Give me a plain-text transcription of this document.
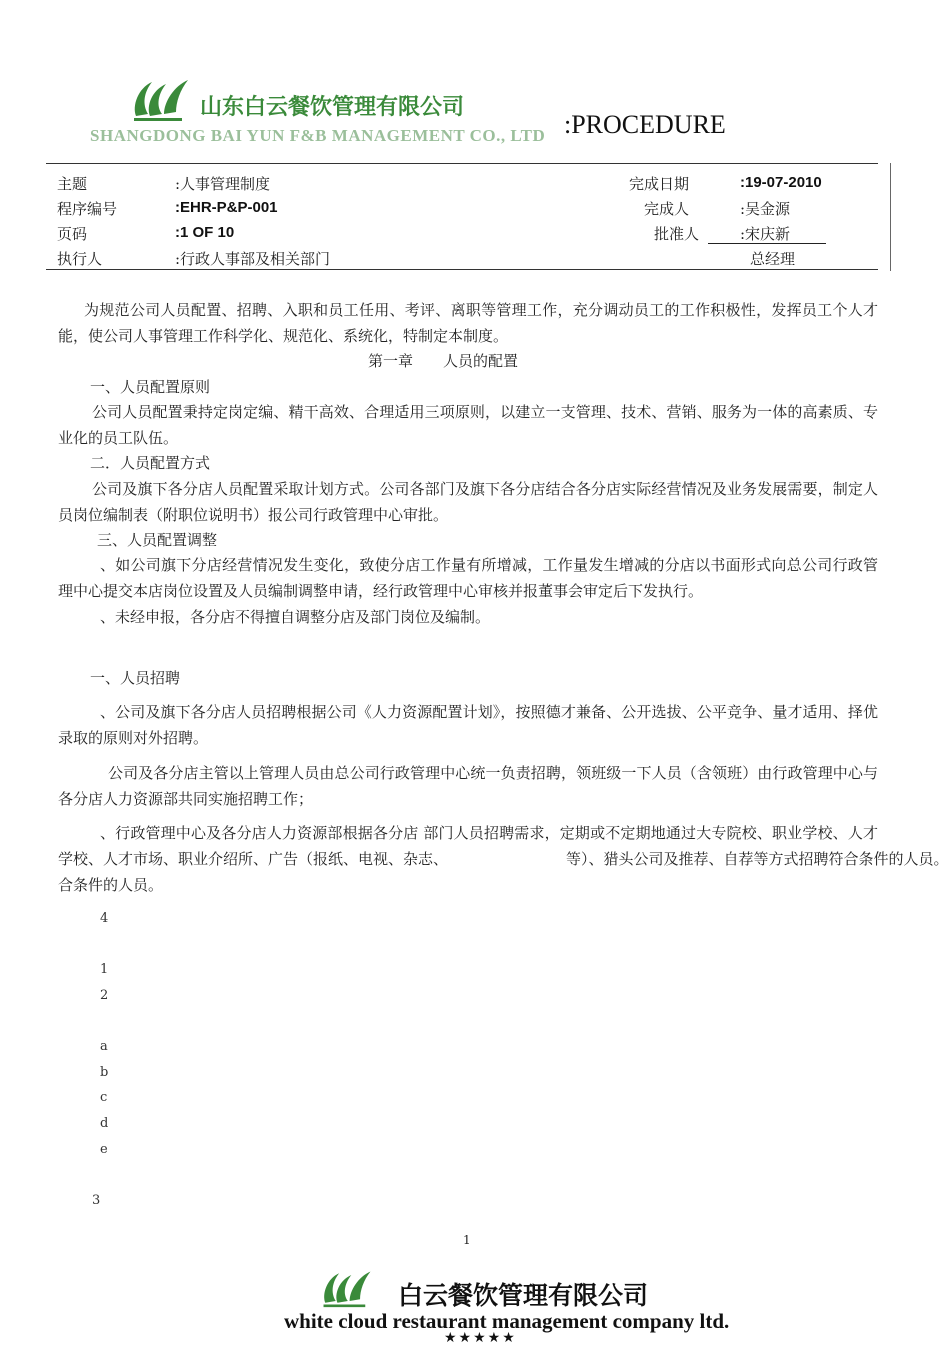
山东白云餐饮管理有限公司
SHANGDONG BAI YUN F&B MANAGEMENT CO., LTD :PROCEDURE
主题	:人事管理制度
程序编号	:EHR-P&P-001
页码	:1 OF 10
执行人	:行政人事部及相关部门
完成日期	:19-07-2010
完成人	:吴金源
批准人	:宋庆新
总经理
为规范公司人员配置、招聘、入职和员工任用、考评、离职等管理工作，充分调动员工的工作积极性，发挥员工个人才能，使公司人事管理工作科学化、规范化、系统化，特制定本制度。
第一章　　人员的配置
一、人员配置原则
公司人员配置秉持定岗定编、精干高效、合理适用三项原则，以建立一支管理、技术、营销、服务为一体的高素质、专业化的员工队伍。
二．人员配置方式
公司及旗下各分店人员配置采取计划方式。公司各部门及旗下各分店结合各分店实际经营情况及业务发展需要，制定人员岗位编制表（附职位说明书）报公司行政管理中心审批。
三、人员配置调整
、如公司旗下分店经营情况发生变化，致使分店工作量有所增减，工作量发生增减的分店以书面形式向总公司行政管理中心提交本店岗位设置及人员编制调整申请，经行政管理中心审核并报董事会审定后下发执行。
、未经申报，各分店不得擅自调整分店及部门岗位及编制。
一、人员招聘
、公司及旗下各分店人员招聘根据公司《人力资源配置计划》，按照德才兼备、公开选拔、公平竞争、量才适用、择优录取的原则对外招聘。
公司及各分店主管以上管理人员由总公司行政管理中心统一负责招聘，领班级一下人员（含领班）由行政管理中心与各分店人力资源部共同实施招聘工作；
、行政管理中心及各分店人力资源部根据各分店 部门人员招聘需求，定期或不定期地通过大专院校、职业学校、人才
学校、人才市场、职业介绍所、广告（报纸、电视、杂志、	等）、猎头公司及推荐、自荐等方式招聘符合条件的人员。
合条件的人员。
4
1
2
a
b
c
d
e
3
1
白云餐饮管理有限公司
white cloud restaurant management company ltd.
★★★★★
